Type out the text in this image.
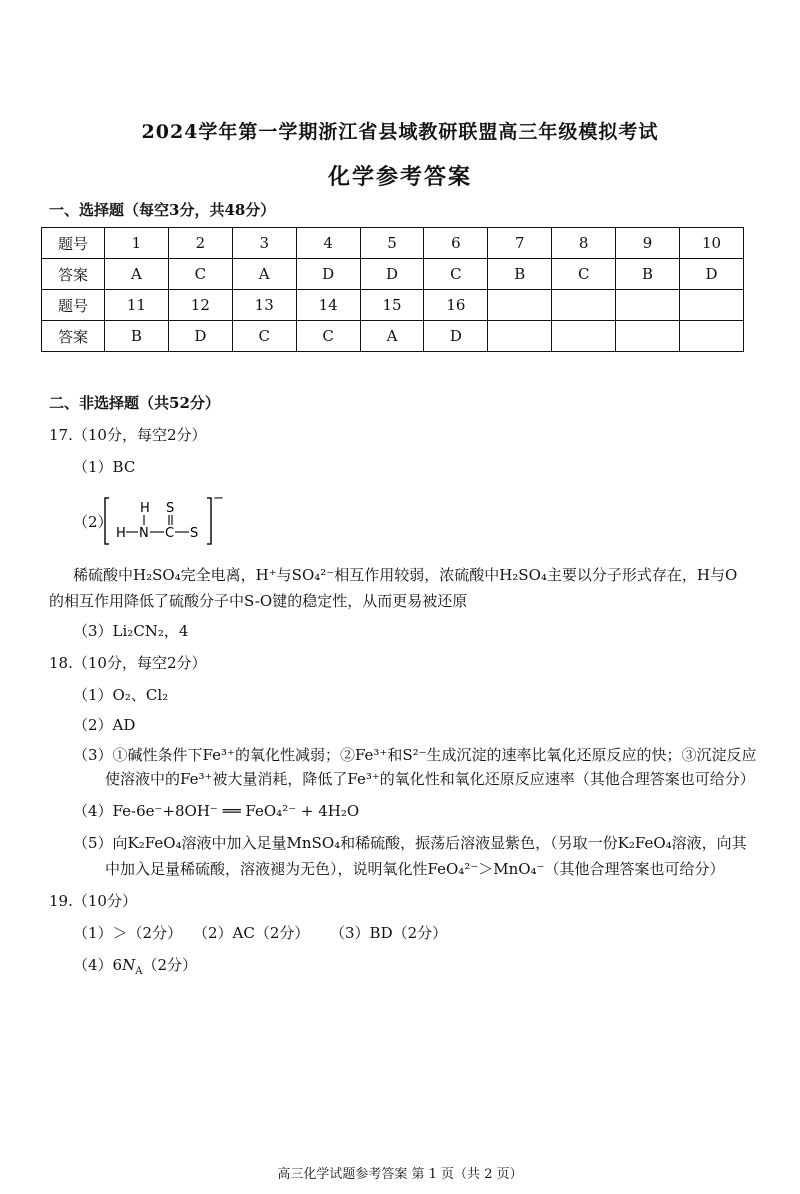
2024学年第一学期浙江省县域教研联盟高三年级模拟考试
化学参考答案
一、选择题（每空3分，共48分）
题号	1	2	3	4	5	6	7	8	9	10
答案	A	C	A	D	D	C	B	C	B	D
题号	11	12	13	14	15	16				
答案	B	D	C	C	A	D				
二、非选择题（共52分）
17.（10分，每空2分）
（1）BC
（2）
H S
H N C S
−
稀硫酸中H₂SO₄完全电离，H⁺与SO₄²⁻相互作用较弱，浓硫酸中H₂SO₄主要以分子形式存在，H与O
的相互作用降低了硫酸分子中S-O键的稳定性，从而更易被还原
（3）Li₂CN₂，4
18.（10分，每空2分）
（1）O₂、Cl₂
（2）AD
（3）①碱性条件下Fe³⁺的氧化性减弱；②Fe³⁺和S²⁻生成沉淀的速率比氧化还原反应的快；③沉淀反应
使溶液中的Fe³⁺被大量消耗，降低了Fe³⁺的氧化性和氧化还原反应速率（其他合理答案也可给分）
（4）Fe-6e⁻+8OH⁻ ══ FeO₄²⁻ + 4H₂O
（5）向K₂FeO₄溶液中加入足量MnSO₄和稀硫酸，振荡后溶液显紫色，（另取一份K₂FeO₄溶液，向其
中加入足量稀硫酸，溶液褪为无色），说明氧化性FeO₄²⁻＞MnO₄⁻（其他合理答案也可给分）
19.（10分）
（1）＞（2分） （2）AC（2分） （3）BD（2分）
$(4)6N_A(2$分）
高三化学试题参考答案 第 1 页（共 2 页）
